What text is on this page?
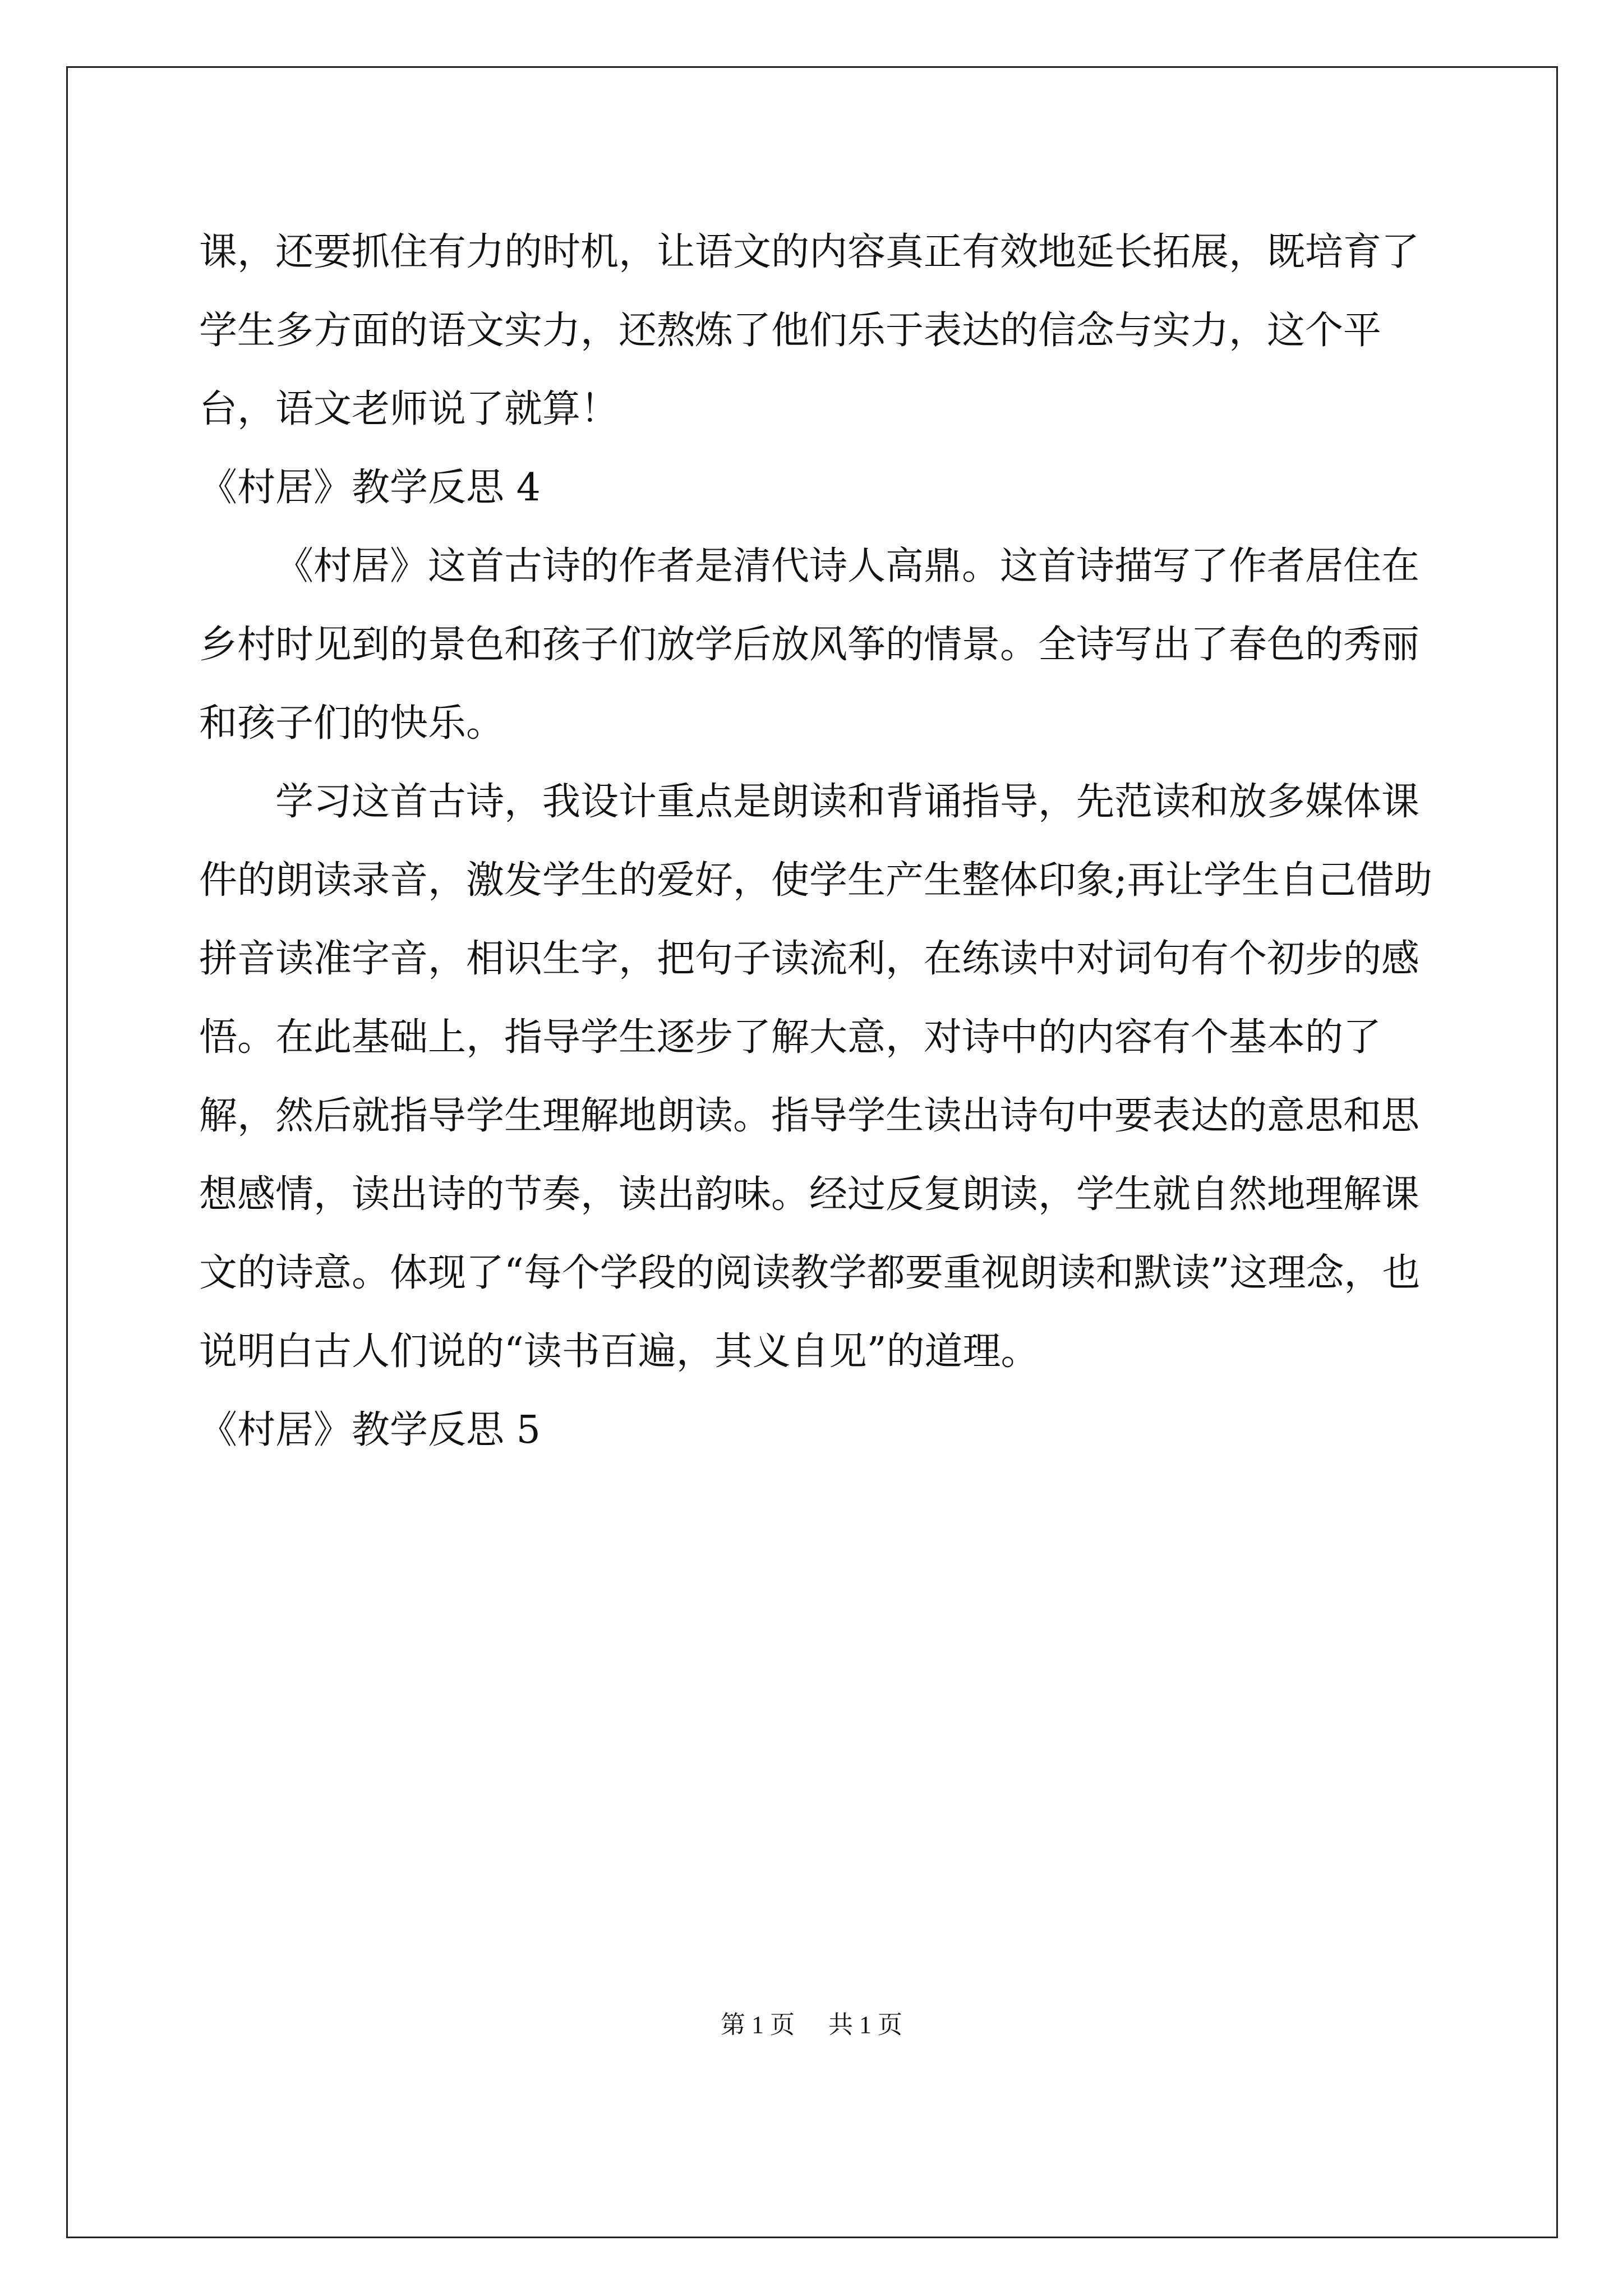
课，还要抓住有力的时机，让语文的内容真正有效地延长拓展，既培育了学生多方面的语文实力，还熬炼了他们乐于表达的信念与实力，这个平台，语文老师说了就算！

《村居》教学反思 4

《村居》这首古诗的作者是清代诗人高鼎。这首诗描写了作者居住在乡村时见到的景色和孩子们放学后放风筝的情景。全诗写出了春色的秀丽和孩子们的快乐。

学习这首古诗，我设计重点是朗读和背诵指导，先范读和放多媒体课件的朗读录音，激发学生的爱好，使学生产生整体印象;再让学生自己借助拼音读准字音，相识生字，把句子读流利，在练读中对词句有个初步的感悟。在此基础上，指导学生逐步了解大意，对诗中的内容有个基本的了解，然后就指导学生理解地朗读。指导学生读出诗句中要表达的意思和思想感情，读出诗的节奏，读出韵味。经过反复朗读，学生就自然地理解课文的诗意。体现了“每个学段的阅读教学都要重视朗读和默读”这理念，也说明白古人们说的“读书百遍，其义自见”的道理。

《村居》教学反思 5
第 1 页 共 1 页
